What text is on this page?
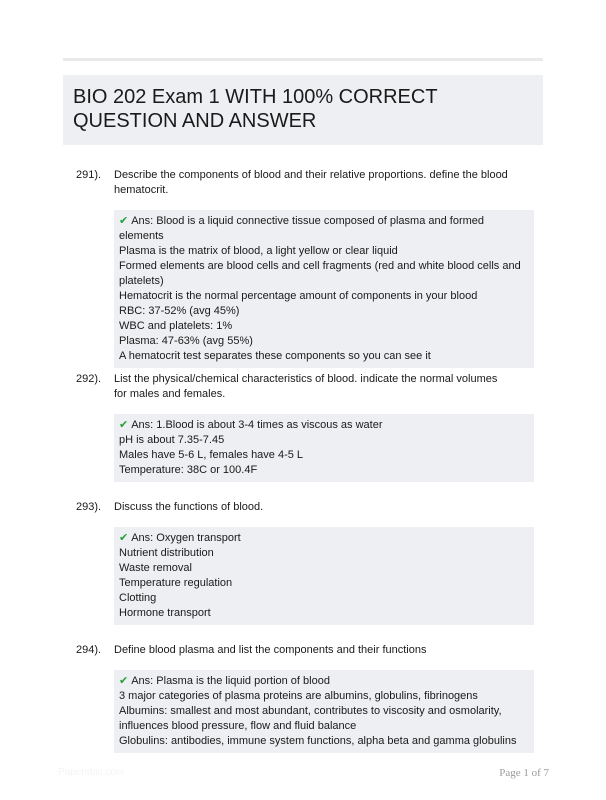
BIO 202 Exam 1 WITH 100% CORRECT
QUESTION AND ANSWER
291). Describe the components of blood and their relative proportions. define the blood hematocrit.
✔ Ans: Blood is a liquid connective tissue composed of plasma and formed elements
Plasma is the matrix of blood, a light yellow or clear liquid
Formed elements are blood cells and cell fragments (red and white blood cells and platelets)
Hematocrit is the normal percentage amount of components in your blood
RBC: 37-52% (avg 45%)
WBC and platelets: 1%
Plasma: 47-63% (avg 55%)
A hematocrit test separates these components so you can see it
292). List the physical/chemical characteristics of blood. indicate the normal volumes for males and females.
✔ Ans: 1.Blood is about 3-4 times as viscous as water
pH is about 7.35-7.45
Males have 5-6 L, females have 4-5 L
Temperature: 38C or 100.4F
293). Discuss the functions of blood.
✔ Ans: Oxygen transport
Nutrient distribution
Waste removal
Temperature regulation
Clotting
Hormone transport
294). Define blood plasma and list the components and their functions
✔ Ans: Plasma is the liquid portion of blood
3 major categories of plasma proteins are albumins, globulins, fibrinogens
Albumins: smallest and most abundant, contributes to viscosity and osmolarity, influences blood pressure, flow and fluid balance
Globulins: antibodies, immune system functions, alpha beta and gamma globulins
Papersbic.com	Page 1 of 7
